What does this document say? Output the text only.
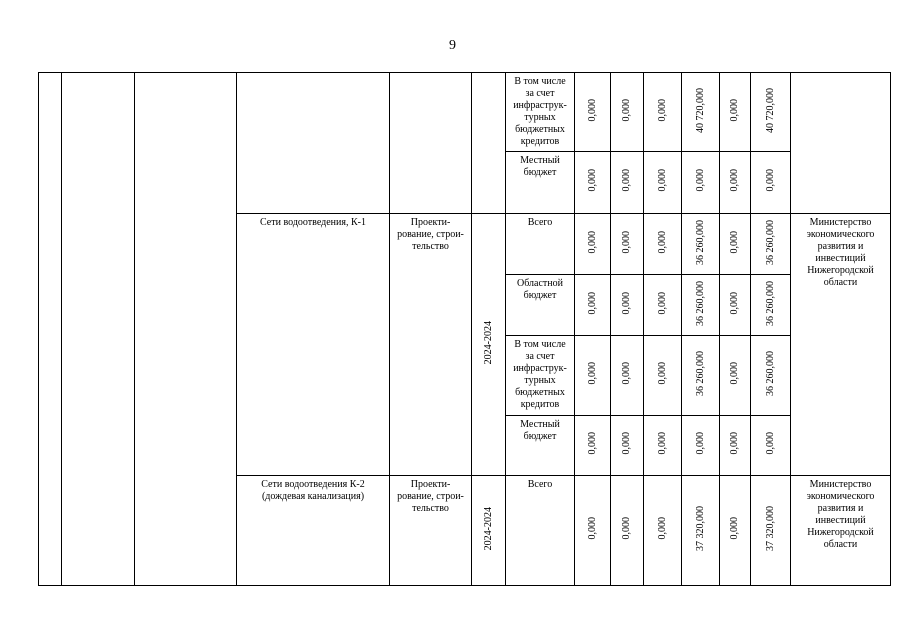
9
						В том числе за счет инфраструк-турных бюджетных кредитов	0,000	0,000	0,000	40 720,000	0,000	40 720,000	
						Местный бюджет	0,000	0,000	0,000	0,000	0,000	0,000	
			Сети водоотведения, К-1	Проекти-рование, строи-тельство	2024-2024	Всего	0,000	0,000	0,000	36 260,000	0,000	36 260,000	Министерство экономического развития и инвестиций Нижегородской области
						Областной бюджет	0,000	0,000	0,000	36 260,000	0,000	36 260,000	
						В том числе за счет инфраструк-турных бюджетных кредитов	0,000	0,000	0,000	36 260,000	0,000	36 260,000	
						Местный бюджет	0,000	0,000	0,000	0,000	0,000	0,000	
			Сети водоотведения К-2 (дождевая канализация)	Проекти-рование, строи-тельство	2024-2024	Всего	0,000	0,000	0,000	37 320,000	0,000	37 320,000	Министерство экономического развития и инвестиций Нижегородской области
